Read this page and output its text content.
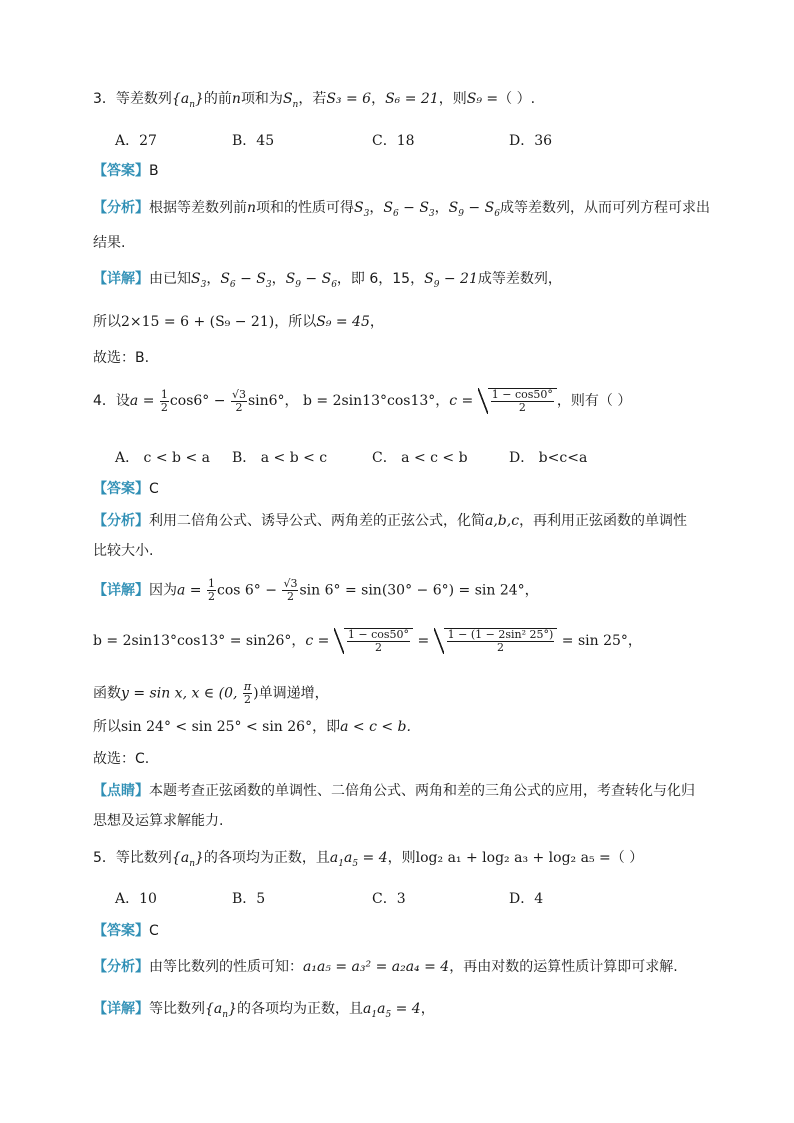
3．等差数列$\{a_n\}$的前n项和为$S_n$，若S₃ = 6，S₆ = 21，则S₉ =（ ）.
A．27	B．45	C．18	D．36
【答案】B
【分析】根据等差数列前n项和的性质可得$S_3$，$S_6 - S_3$，$S_9 - S_6$成等差数列，从而可列方程可求出
结果.
【详解】由已知$S_3$，$S_6 - S_3$，$S_9 - S_6$，即 6，15，$S_9 - 21$成等差数列，
所以2×15 = 6 + (S₉ − 21)，所以S₉ = 45，
故选：B.
4．设$a = \frac{1}{2} \cos 6^\circ - \frac{√3}{2} \sin 6^\circ$， b = 2sin13°cos13°，$c = \frac{1 - \cos 50^\circ}{2}$ ，则有（ ）
A． c < b < a B． a < b < c	C． a < c < b	D． b<c<a
【答案】C
【分析】利用二倍角公式、诱导公式、两角差的正弦公式，化简a,b,c，再利用正弦函数的单调性
比较大小.
【详解】因为$a = \frac{1}{2}$ $\cos 6^\circ - \frac{√3}{2}$ sin 6° = sin(30° − 6°) = sin 24°，
b = 2sin13°cos13° = sin26°，$c = \frac{1 - \cos 50^\circ}{2} = \frac{\text{1 − (1 − 2sin² 25°)}}{2} = \sin 25^\circ$，
函数y = sin x, x ∈ (0, $\frac{\pi}{2}$ )单调递增，
所以sin 24° < sin 25° < sin 26°，即a < c < b.
故选：C.
【点睛】本题考查正弦函数的单调性、二倍角公式、两角和差的三角公式的应用，考查转化与化归
思想及运算求解能力.
5．等比数列$\{a_n\}$的各项均为正数，且$a_1a_5 = 4$，则log₂ a₁ + log₂ a₃ + log₂ a₅ =（ ）
A．10	B．5	C．3	D．4
【答案】C
【分析】由等比数列的性质可知：a₁a₅ = a₃² = a₂a₄ = 4，再由对数的运算性质计算即可求解.
【详解】等比数列$\{a_n\}$的各项均为正数，且$a_1a_5 = 4$，
